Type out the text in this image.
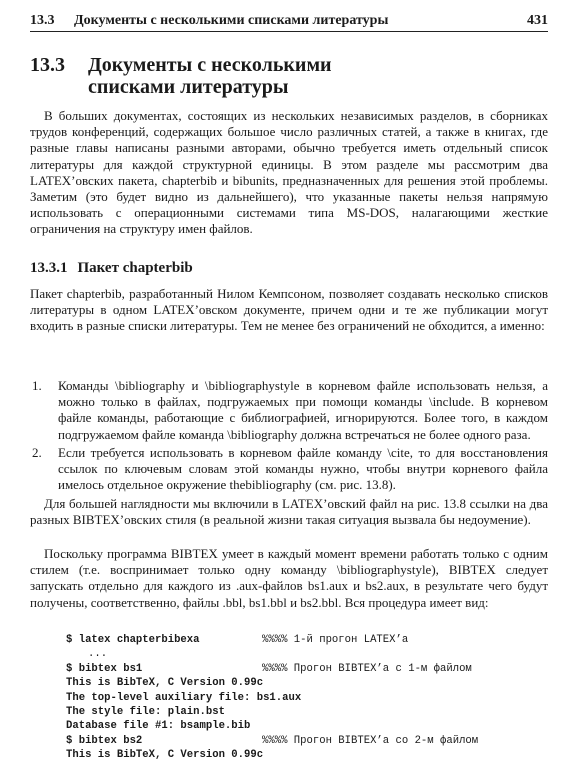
13.3	Документы с несколькими списками литературы	431
13.3	Документы с несколькими
списками литературы

В больших документах, состоящих из нескольких независимых разделов, в сборниках трудов конференций, содержащих большое число различных статей, а также в книгах, где разные главы написаны разными авторами, обычно требуется иметь отдельный список литературы для каждой структурной единицы. В этом разделе мы рассмотрим два LATEX’овских пакета, chapterbib и bibunits, предназначенных для решения этой проблемы. Заметим (это будет видно из дальнейшего), что указанные пакеты нельзя напрямую использовать с операционными системами типа MS-DOS, налагающими жесткие ограничения на структуру имен файлов.

13.3.1 Пакет chapterbib

Пакет chapterbib, разработанный Нилом Кемпсоном, позволяет создавать несколько списков литературы в одном LATEX’овском документе, причем одни и те же публикации могут входить в разные списки литературы. Тем не менее без ограничений не обходится, а именно:

1.	Команды \bibliography и \bibliographystyle в корневом файле использовать нельзя, а можно только в файлах, подгружаемых при помощи команды \include. В корневом файле команды, работающие с библиографией, игнорируются. Более того, в каждом подгружаемом файле команда \bibliography должна встречаться не более одного раза.
2.	Если требуется использовать в корневом файле команду \cite, то для восстановления ссылок по ключевым словам этой команды нужно, чтобы внутри корневого файла имелось отдельное окружение thebibliography (см. рис. 13.8).

Для большей наглядности мы включили в LATEX’овский файл на рис. 13.8 ссылки на два разных BIBTEX’овских стиля (в реальной жизни такая ситуация вызвала бы недоумение).

Поскольку программа BIBTEX умеет в каждый момент времени работать только с одним стилем (т.е. воспринимает только одну команду \bibliographystyle), BIBTEX следует запускать отдельно для каждого из .aux-файлов bs1.aux и bs2.aux, в результате чего будут получены, соответственно, файлы .bbl, bs1.bbl и bs2.bbl. Вся процедура имеет вид:

$ latex chapterbibexa	%%%% 1-й прогон LATEX’а
...
$ bibtex bs1	%%%% Прогон BIBTEX’а с 1-м файлом
This is BibTeX, C Version 0.99c
The top-level auxiliary file: bs1.aux
The style file: plain.bst
Database file #1: bsample.bib
$ bibtex bs2	%%%% Прогон BIBTEX’а со 2-м файлом
This is BibTeX, C Version 0.99c
